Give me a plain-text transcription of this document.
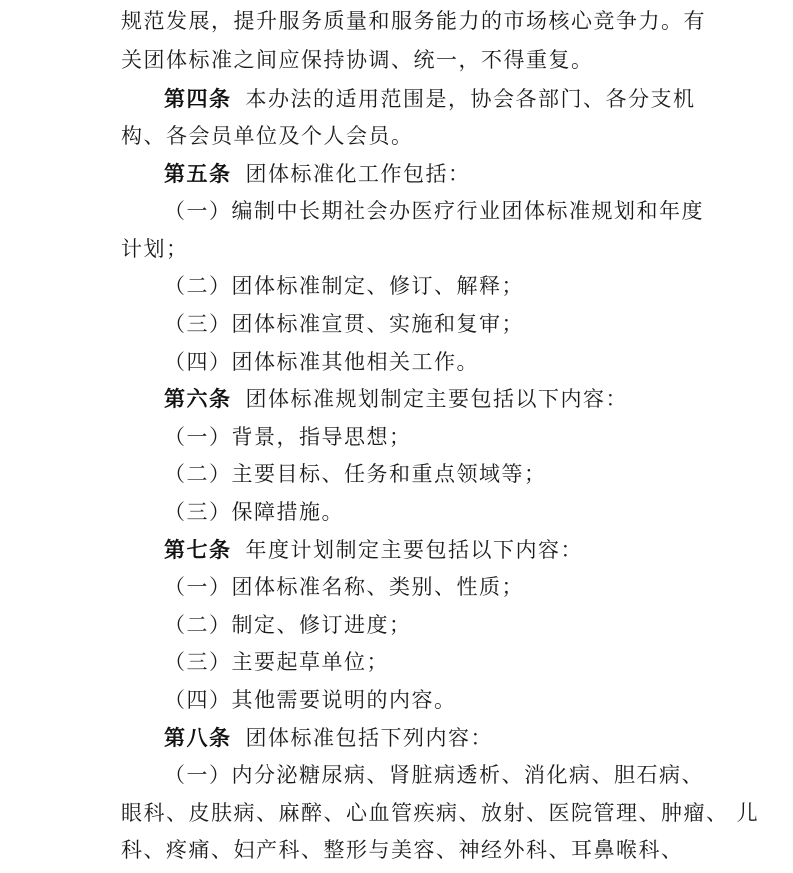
规范发展，提升服务质量和服务能力的市场核心竞争力。有
关团体标准之间应保持协调、统一，不得重复。
第四条 本办法的适用范围是，协会各部门、各分支机
构、各会员单位及个人会员。
第五条 团体标准化工作包括：
（一）编制中长期社会办医疗行业团体标准规划和年度
计划；
（二）团体标准制定、修订、解释；
（三）团体标准宣贯、实施和复审；
（四）团体标准其他相关工作。
第六条 团体标准规划制定主要包括以下内容：
（一）背景，指导思想；
（二）主要目标、任务和重点领域等；
（三）保障措施。
第七条 年度计划制定主要包括以下内容：
（一）团体标准名称、类别、性质；
（二）制定、修订进度；
（三）主要起草单位；
（四）其他需要说明的内容。
第八条 团体标准包括下列内容：
（一）内分泌糖尿病、肾脏病透析、消化病、胆石病、
眼科、皮肤病、麻醉、心血管疾病、放射、医院管理、肿瘤、 儿
科、疼痛、妇产科、整形与美容、神经外科、耳鼻喉科、
